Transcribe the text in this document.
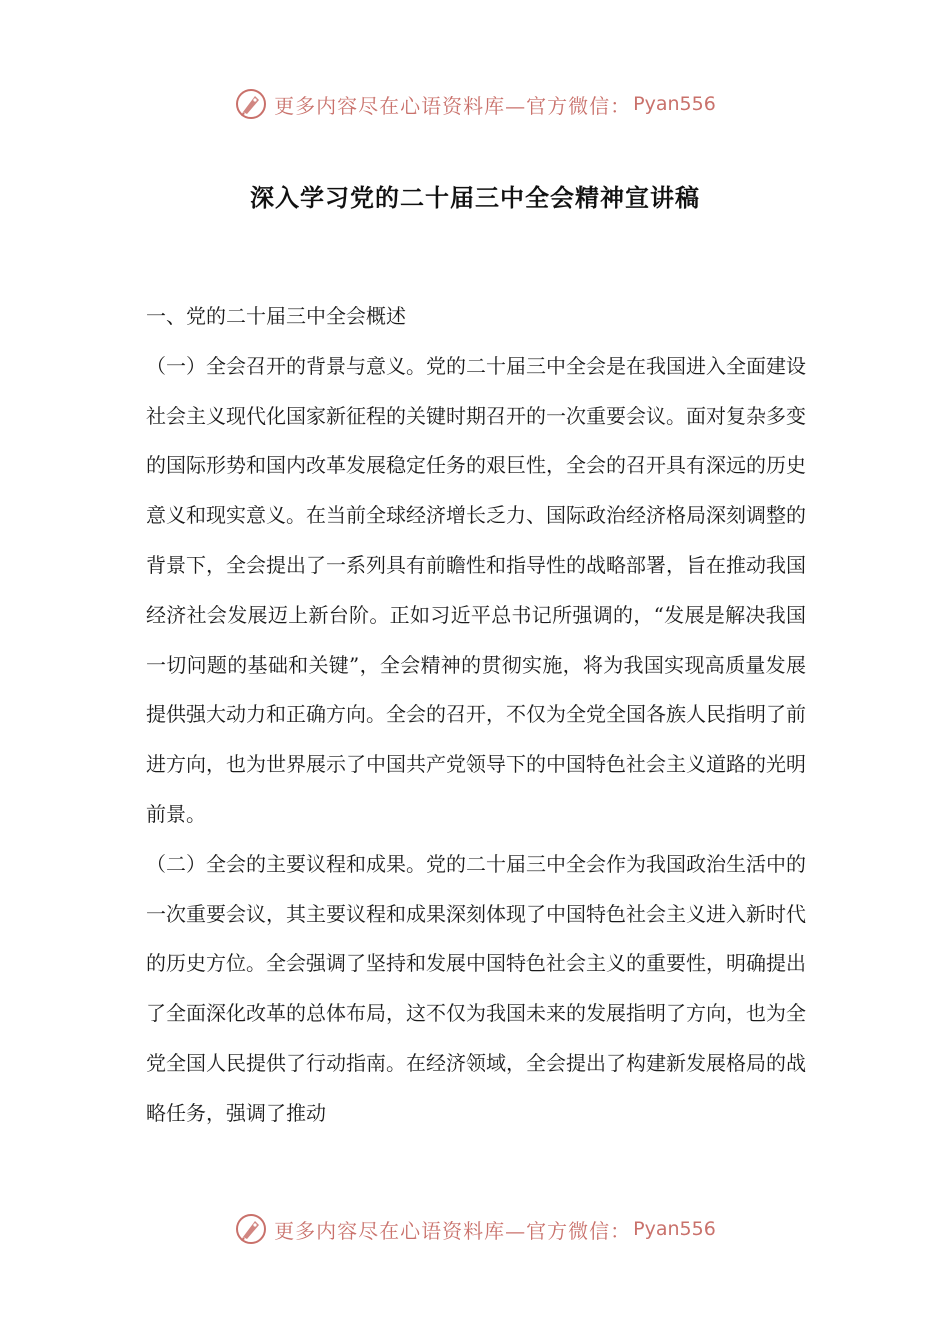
更多内容尽在心语资料库—官方微信： Pyan556
深入学习党的二十届三中全会精神宣讲稿

一、党的二十届三中全会概述

（一）全会召开的背景与意义。党的二十届三中全会是在我国进入全面建设社会主义现代化国家新征程的关键时期召开的一次重要会议。面对复杂多变的国际形势和国内改革发展稳定任务的艰巨性，全会的召开具有深远的历史意义和现实意义。在当前全球经济增长乏力、国际政治经济格局深刻调整的背景下，全会提出了一系列具有前瞻性和指导性的战略部署，旨在推动我国经济社会发展迈上新台阶。正如习近平总书记所强调的，“发展是解决我国一切问题的基础和关键”，全会精神的贯彻实施，将为我国实现高质量发展提供强大动力和正确方向。全会的召开，不仅为全党全国各族人民指明了前进方向，也为世界展示了中国共产党领导下的中国特色社会主义道路的光明前景。

（二）全会的主要议程和成果。党的二十届三中全会作为我国政治生活中的一次重要会议，其主要议程和成果深刻体现了中国特色社会主义进入新时代的历史方位。全会强调了坚持和发展中国特色社会主义的重要性，明确提出了全面深化改革的总体布局，这不仅为我国未来的发展指明了方向，也为全党全国人民提供了行动指南。在经济领域，全会提出了构建新发展格局的战略任务，强调了推动

更多内容尽在心语资料库—官方微信： Pyan556
